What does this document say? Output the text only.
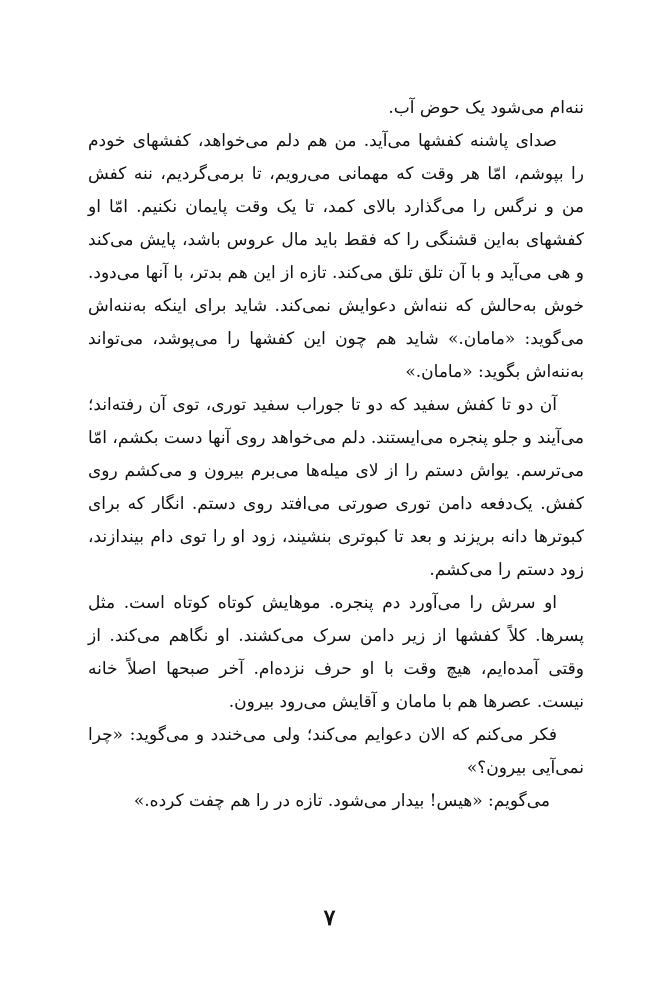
ننه‌ام می‌شود یک حوض آب.

صدای پاشنه کفشها می‌آید. من هم دلم می‌خواهد، کفشهای خودم را بپوشم، امّا هر وقت که مهمانی می‌رویم، تا برمی‌گردیم، ننه کفش من و نرگس را می‌گذارد بالای کمد، تا یک وقت پایمان نکنیم. امّا او کفشهای به‌این قشنگی را که فقط باید مال عروس باشد، پایش می‌کند و هی می‌آید و با آن تلق تلق می‌کند. تازه از این هم بدتر، با آنها می‌دود. خوش به‌حالش که ننه‌اش دعوایش نمی‌کند. شاید برای اینکه به‌ننه‌اش می‌گوید: «مامان.» شاید هم چون این کفشها را می‌پوشد، می‌تواند به‌ننه‌اش بگوید: «مامان.»

آن دو تا کفش سفید که دو تا جوراب سفید توری، توی آن رفته‌اند؛ می‌آیند و جلو پنجره می‌ایستند. دلم می‌خواهد روی آنها دست بکشم، امّا می‌ترسم. یواش دستم را از لای میله‌ها می‌برم بیرون و می‌کشم روی کفش. یک‌دفعه دامن توری صورتی می‌افتد روی دستم. انگار که برای کبوترها دانه بریزند و بعد تا کبوتری بنشیند، زود او را توی دام بیندازند، زود دستم را می‌کشم.

او سرش را می‌آورد دم پنجره. موهایش کوتاه کوتاه است. مثل پسرها. کلاً کفشها از زیر دامن سرک می‌کشند. او نگاهم می‌کند. از وقتی آمده‌ایم، هیچ وقت با او حرف نزده‌ام. آخر صبحها اصلاً خانه نیست. عصرها هم با مامان و آقایش می‌رود بیرون.

فکر می‌کنم که الان دعوایم می‌کند؛ ولی می‌خندد و می‌گوید: «چرا نمی‌آیی بیرون؟»

می‌گویم: «هیس! بیدار می‌شود. تازه در را هم چفت کرده.»

۷
